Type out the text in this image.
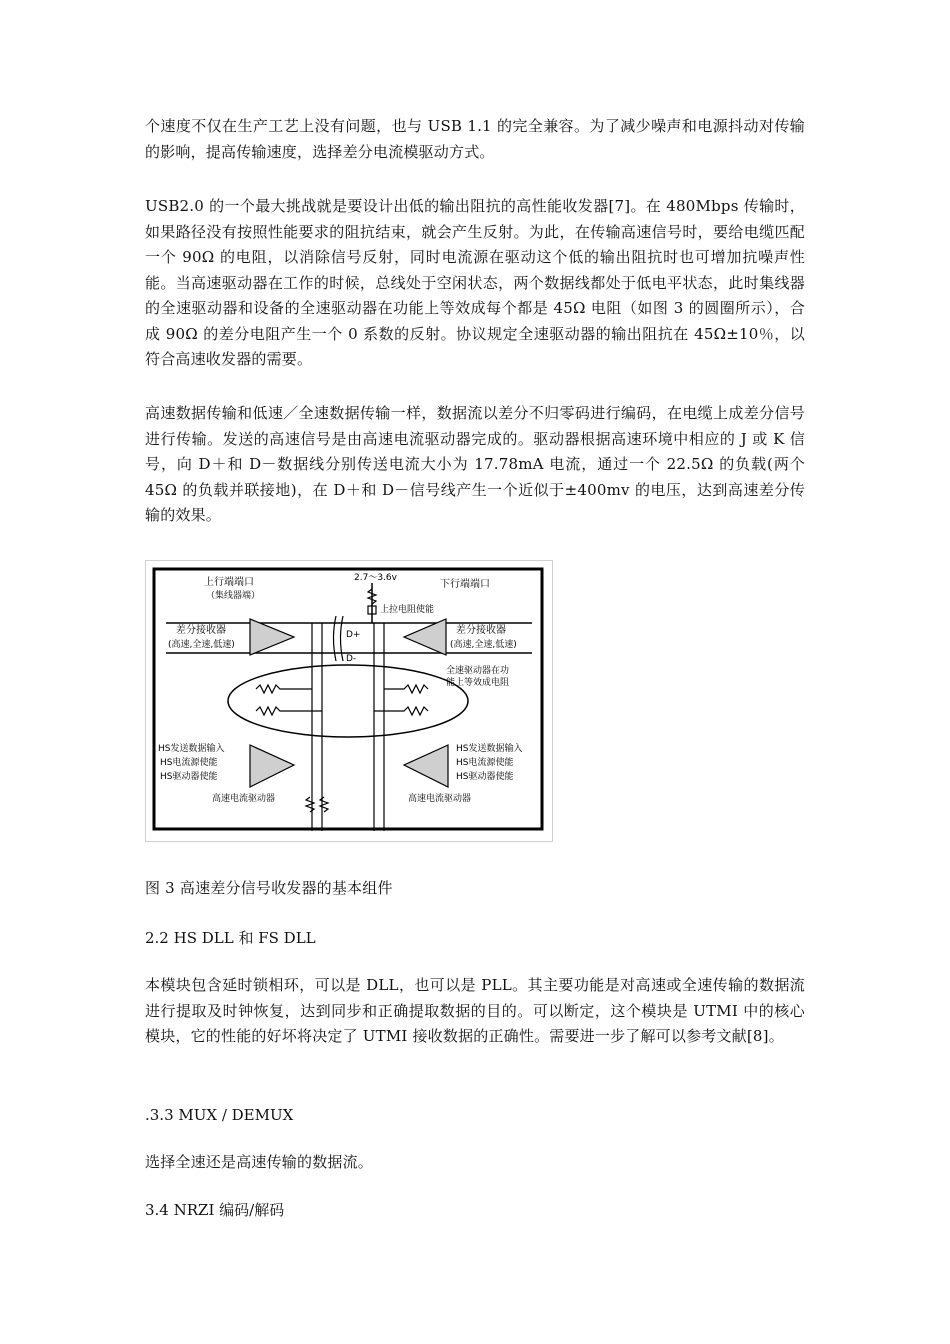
个速度不仅在生产工艺上没有问题，也与 USB 1.1 的完全兼容。为了减少噪声和电源抖动对传输的影响，提高传输速度，选择差分电流模驱动方式。

USB2.0 的一个最大挑战就是要设计出低的输出阻抗的高性能收发器[7]。在 480Mbps 传输时，如果路径没有按照性能要求的阻抗结束，就会产生反射。为此，在传输高速信号时，要给电缆匹配一个 90Ω 的电阻，以消除信号反射，同时电流源在驱动这个低的输出阻抗时也可增加抗噪声性能。当高速驱动器在工作的时候，总线处于空闲状态，两个数据线都处于低电平状态，此时集线器的全速驱动器和设备的全速驱动器在功能上等效成每个都是 45Ω 电阻（如图 3 的圆圈所示），合成 90Ω 的差分电阻产生一个 0 系数的反射。协议规定全速驱动器的输出阻抗在 45Ω±10％，以符合高速收发器的需要。

高速数据传输和低速／全速数据传输一样，数据流以差分不归零码进行编码，在电缆上成差分信号进行传输。发送的高速信号是由高速电流驱动器完成的。驱动器根据高速环境中相应的 J 或 K 信号，向 D＋和 D－数据线分别传送电流大小为 17.78mA 电流，通过一个 22.5Ω 的负载(两个 45Ω 的负载并联接地)，在 D＋和 D－信号线产生一个近似于±400mv 的电压，达到高速差分传输的效果。

上行端端口
（集线器端）
2.7～3.6v
下行端端口
上拉电阻使能
D+
D-
差分接收器
(高速,全速,低速)
差分接收器
(高速,全速,低速)
全速驱动器在功
能上等效成电阻
HS发送数据输入
HS电流源使能
HS驱动器使能
高速电流驱动器
HS发送数据输入
HS电流源使能
HS驱动器使能
高速电流驱动器
图 3 高速差分信号收发器的基本组件
2.2 HS DLL 和 FS DLL

本模块包含延时锁相环，可以是 DLL，也可以是 PLL。其主要功能是对高速或全速传输的数据流进行提取及时钟恢复，达到同步和正确提取数据的目的。可以断定，这个模块是 UTMI 中的核心模块，它的性能的好坏将决定了 UTMI 接收数据的正确性。需要进一步了解可以参考文献[8]。

.3.3 MUX / DEMUX

选择全速还是高速传输的数据流。

3.4 NRZI 编码/解码
